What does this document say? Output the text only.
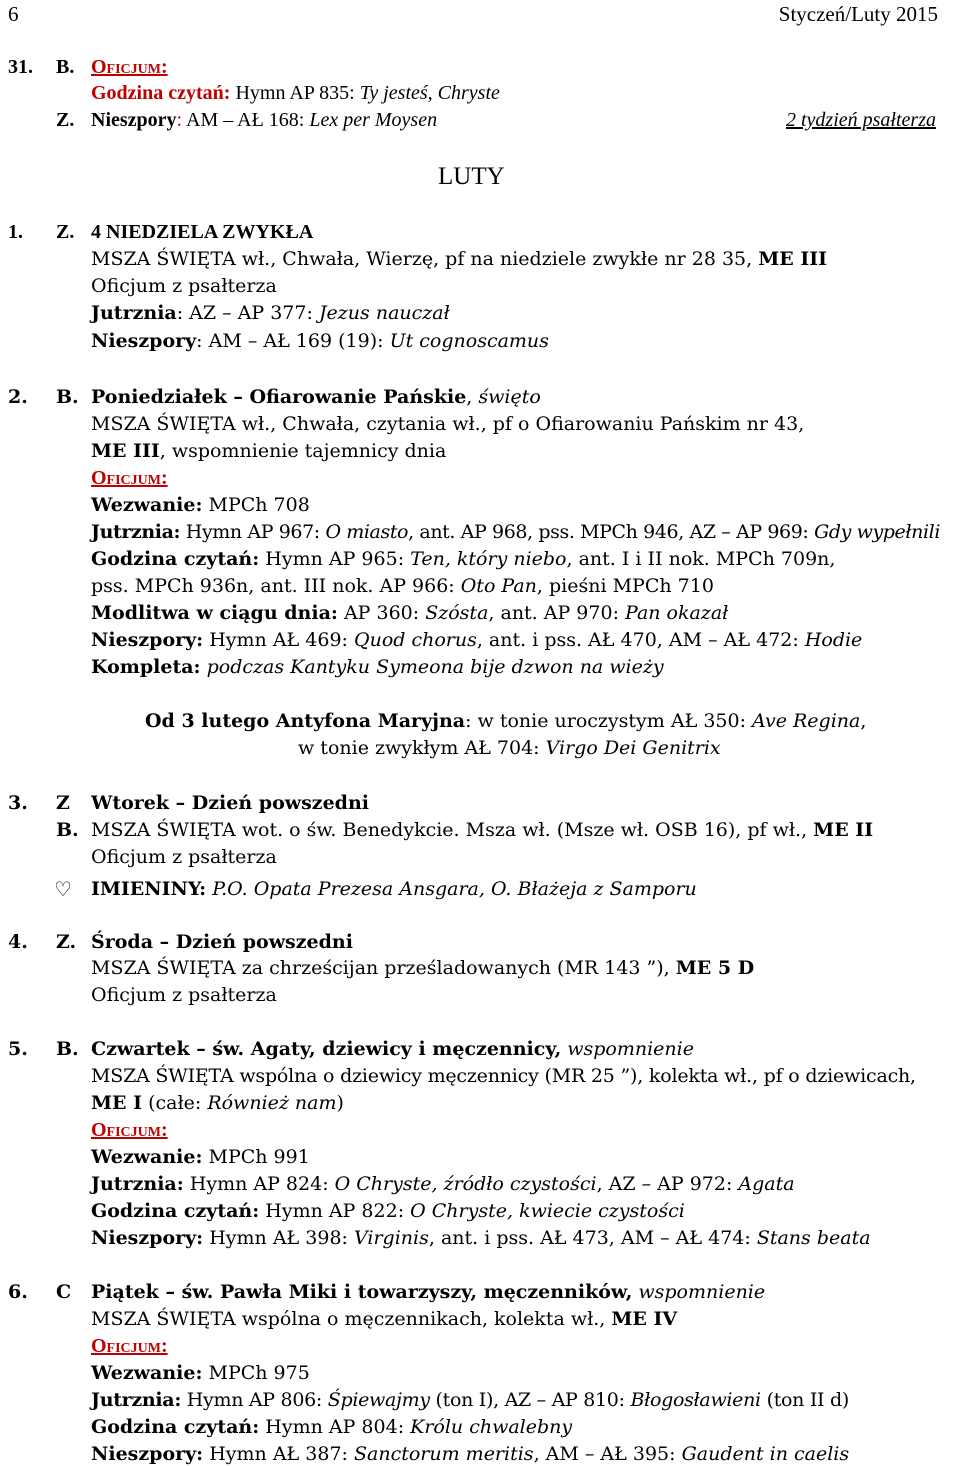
6	Styczeń/Luty 2015
31. B. Oficjum:
Godzina czytań: Hymn AP 835: Ty jesteś, Chryste
Z. Nieszpory: AM – AŁ 168: Lex per Moysen	2 tydzień psałterza
LUTY
1. Z. 4 NIEDZIELA ZWYKŁA
MSZA ŚWIĘTA wł., Chwała, Wierzę, pf na niedziele zwykłe nr 28 35, ME III
Oficjum z psałterza
Jutrznia: AZ – AP 377: Jezus nauczał
Nieszpory: AM – AŁ 169 (19): Ut cognoscamus
2. B. Poniedziałek – Ofiarowanie Pańskie, święto
MSZA ŚWIĘTA wł., Chwała, czytania wł., pf o Ofiarowaniu Pańskim nr 43,
ME III, wspomnienie tajemnicy dnia
Oficjum:
Wezwanie: MPCh 708
Jutrznia: Hymn AP 967: O miasto, ant. AP 968, pss. MPCh 946, AZ – AP 969: Gdy wypełnili
Godzina czytań: Hymn AP 965: Ten, który niebo, ant. I i II nok. MPCh 709n,
pss. MPCh 936n, ant. III nok. AP 966: Oto Pan, pieśni MPCh 710
Modlitwa w ciągu dnia: AP 360: Szósta, ant. AP 970: Pan okazał
Nieszpory: Hymn AŁ 469: Quod chorus, ant. i pss. AŁ 470, AM – AŁ 472: Hodie
Kompleta: podczas Kantyku Symeona bije dzwon na wieży
Od 3 lutego Antyfona Maryjna: w tonie uroczystym AŁ 350: Ave Regina,
w tonie zwykłym AŁ 704: Virgo Dei Genitrix
3. Z Wtorek – Dzień powszedni
B. MSZA ŚWIĘTA wot. o św. Benedykcie. Msza wł. (Msze wł. OSB 16), pf wł., ME II
Oficjum z psałterza
♡ IMIENINY: P.O. Opata Prezesa Ansgara, O. Błażeja z Samporu
4. Z. Środa – Dzień powszedni
MSZA ŚWIĘTA za chrześcijan prześladowanych (MR 143 ”), ME 5 D
Oficjum z psałterza
5. B. Czwartek – św. Agaty, dziewicy i męczennicy, wspomnienie
MSZA ŚWIĘTA wspólna o dziewicy męczennicy (MR 25 ”), kolekta wł., pf o dziewicach,
ME I (całe: Również nam)
Oficjum:
Wezwanie: MPCh 991
Jutrznia: Hymn AP 824: O Chryste, źródło czystości, AZ – AP 972: Agata
Godzina czytań: Hymn AP 822: O Chryste, kwiecie czystości
Nieszpory: Hymn AŁ 398: Virginis, ant. i pss. AŁ 473, AM – AŁ 474: Stans beata
6. C Piątek – św. Pawła Miki i towarzyszy, męczenników, wspomnienie
MSZA ŚWIĘTA wspólna o męczennikach, kolekta wł., ME IV
Oficjum:
Wezwanie: MPCh 975
Jutrznia: Hymn AP 806: Śpiewajmy (ton I), AZ – AP 810: Błogosławieni (ton II d)
Godzina czytań: Hymn AP 804: Królu chwalebny
Nieszpory: Hymn AŁ 387: Sanctorum meritis, AM – AŁ 395: Gaudent in caelis
